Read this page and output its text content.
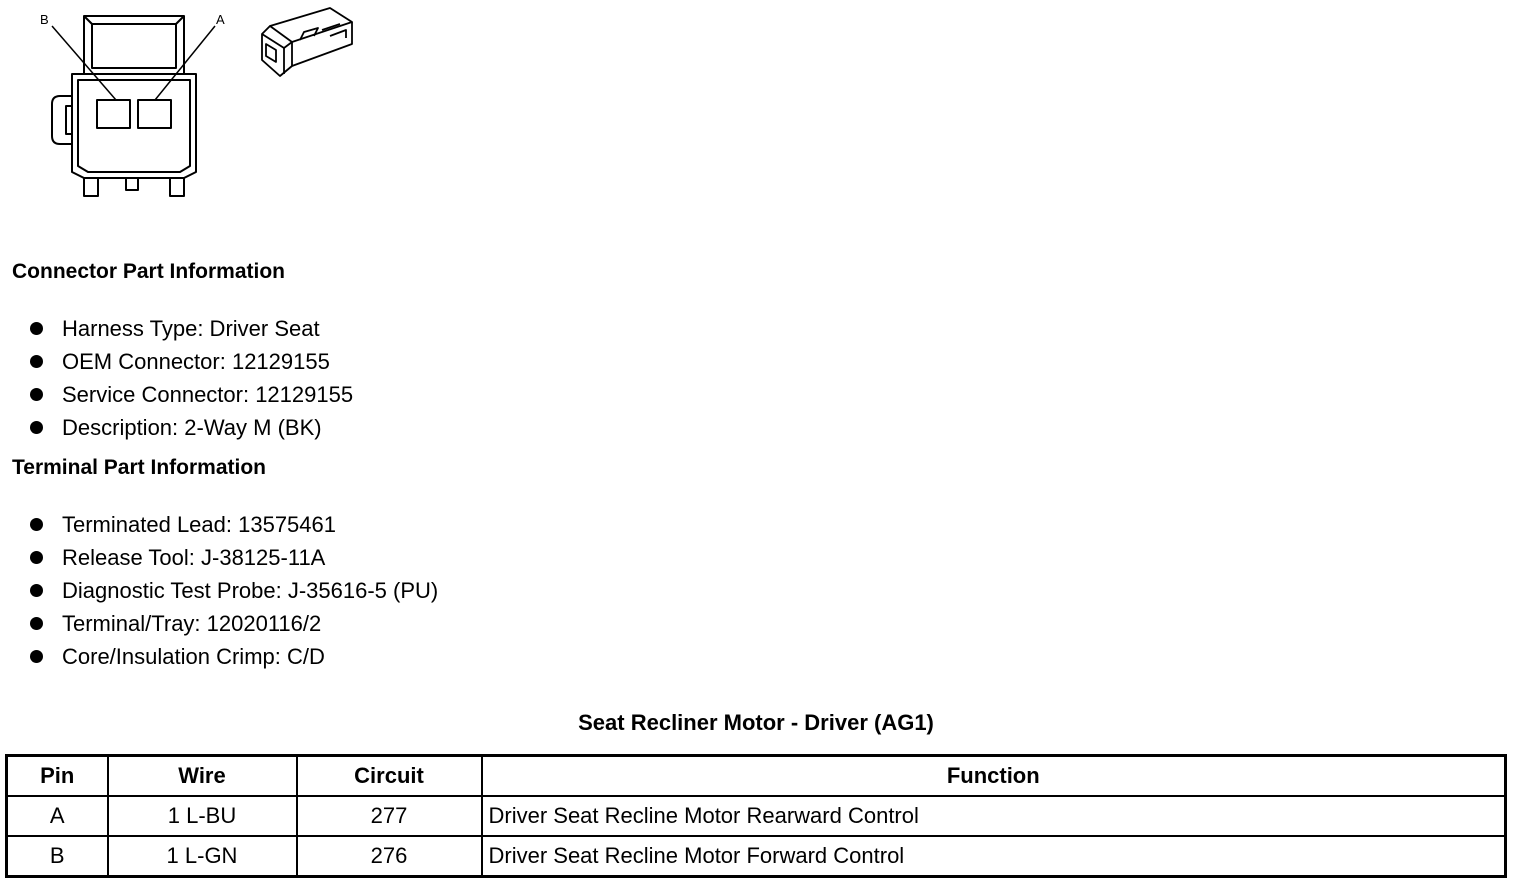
B	A
Connector Part Information
Harness Type: Driver Seat
OEM Connector: 12129155
Service Connector: 12129155
Description: 2-Way M (BK)
Terminal Part Information
Terminated Lead: 13575461
Release Tool: J-38125-11A
Diagnostic Test Probe: J-35616-5 (PU)
Terminal/Tray: 12020116/2
Core/Insulation Crimp: C/D
Seat Recliner Motor - Driver (AG1)
Pin	Wire	Circuit	Function
A	1 L-BU	277	Driver Seat Recline Motor Rearward Control
B	1 L-GN	276	Driver Seat Recline Motor Forward Control
